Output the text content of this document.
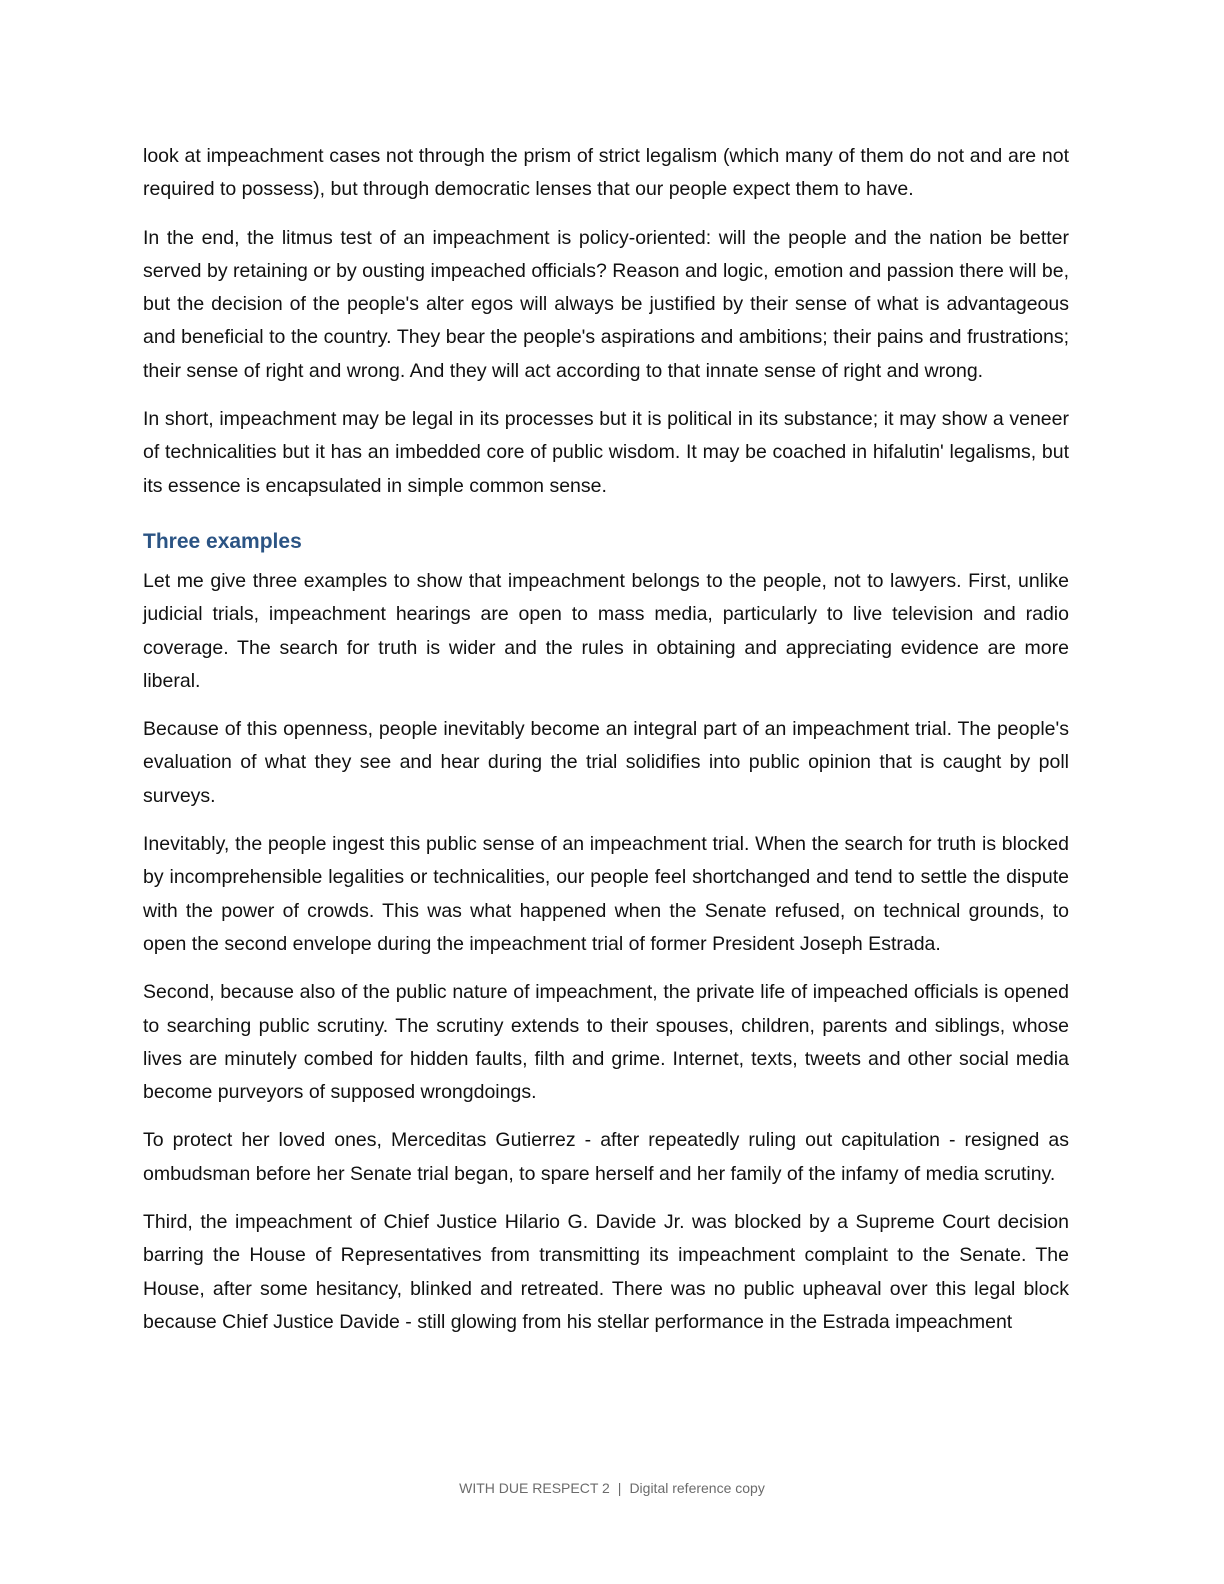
look at impeachment cases not through the prism of strict legalism (which many of them do not and are not required to possess), but through democratic lenses that our people expect them to have.

In the end, the litmus test of an impeachment is policy-oriented: will the people and the nation be better served by retaining or by ousting impeached officials? Reason and logic, emotion and passion there will be, but the decision of the people's alter egos will always be justified by their sense of what is advantageous and beneficial to the country. They bear the people's aspirations and ambitions; their pains and frustrations; their sense of right and wrong. And they will act according to that innate sense of right and wrong.

In short, impeachment may be legal in its processes but it is political in its substance; it may show a veneer of technicalities but it has an imbedded core of public wisdom. It may be coached in hifalutin' legalisms, but its essence is encapsulated in simple common sense.

Three examples

Let me give three examples to show that impeachment belongs to the people, not to lawyers. First, unlike judicial trials, impeachment hearings are open to mass media, particularly to live television and radio coverage. The search for truth is wider and the rules in obtaining and appreciating evidence are more liberal.

Because of this openness, people inevitably become an integral part of an impeachment trial. The people's evaluation of what they see and hear during the trial solidifies into public opinion that is caught by poll surveys.

Inevitably, the people ingest this public sense of an impeachment trial. When the search for truth is blocked by incomprehensible legalities or technicalities, our people feel shortchanged and tend to settle the dispute with the power of crowds. This was what happened when the Senate refused, on technical grounds, to open the second envelope during the impeachment trial of former President Joseph Estrada.

Second, because also of the public nature of impeachment, the private life of impeached officials is opened to searching public scrutiny. The scrutiny extends to their spouses, children, parents and siblings, whose lives are minutely combed for hidden faults, filth and grime. Internet, texts, tweets and other social media become purveyors of supposed wrongdoings.

To protect her loved ones, Merceditas Gutierrez - after repeatedly ruling out capitulation - resigned as ombudsman before her Senate trial began, to spare herself and her family of the infamy of media scrutiny.

Third, the impeachment of Chief Justice Hilario G. Davide Jr. was blocked by a Supreme Court decision barring the House of Representatives from transmitting its impeachment complaint to the Senate. The House, after some hesitancy, blinked and retreated. There was no public upheaval over this legal block because Chief Justice Davide - still glowing from his stellar performance in the Estrada impeachment

WITH DUE RESPECT 2 | Digital reference copy
